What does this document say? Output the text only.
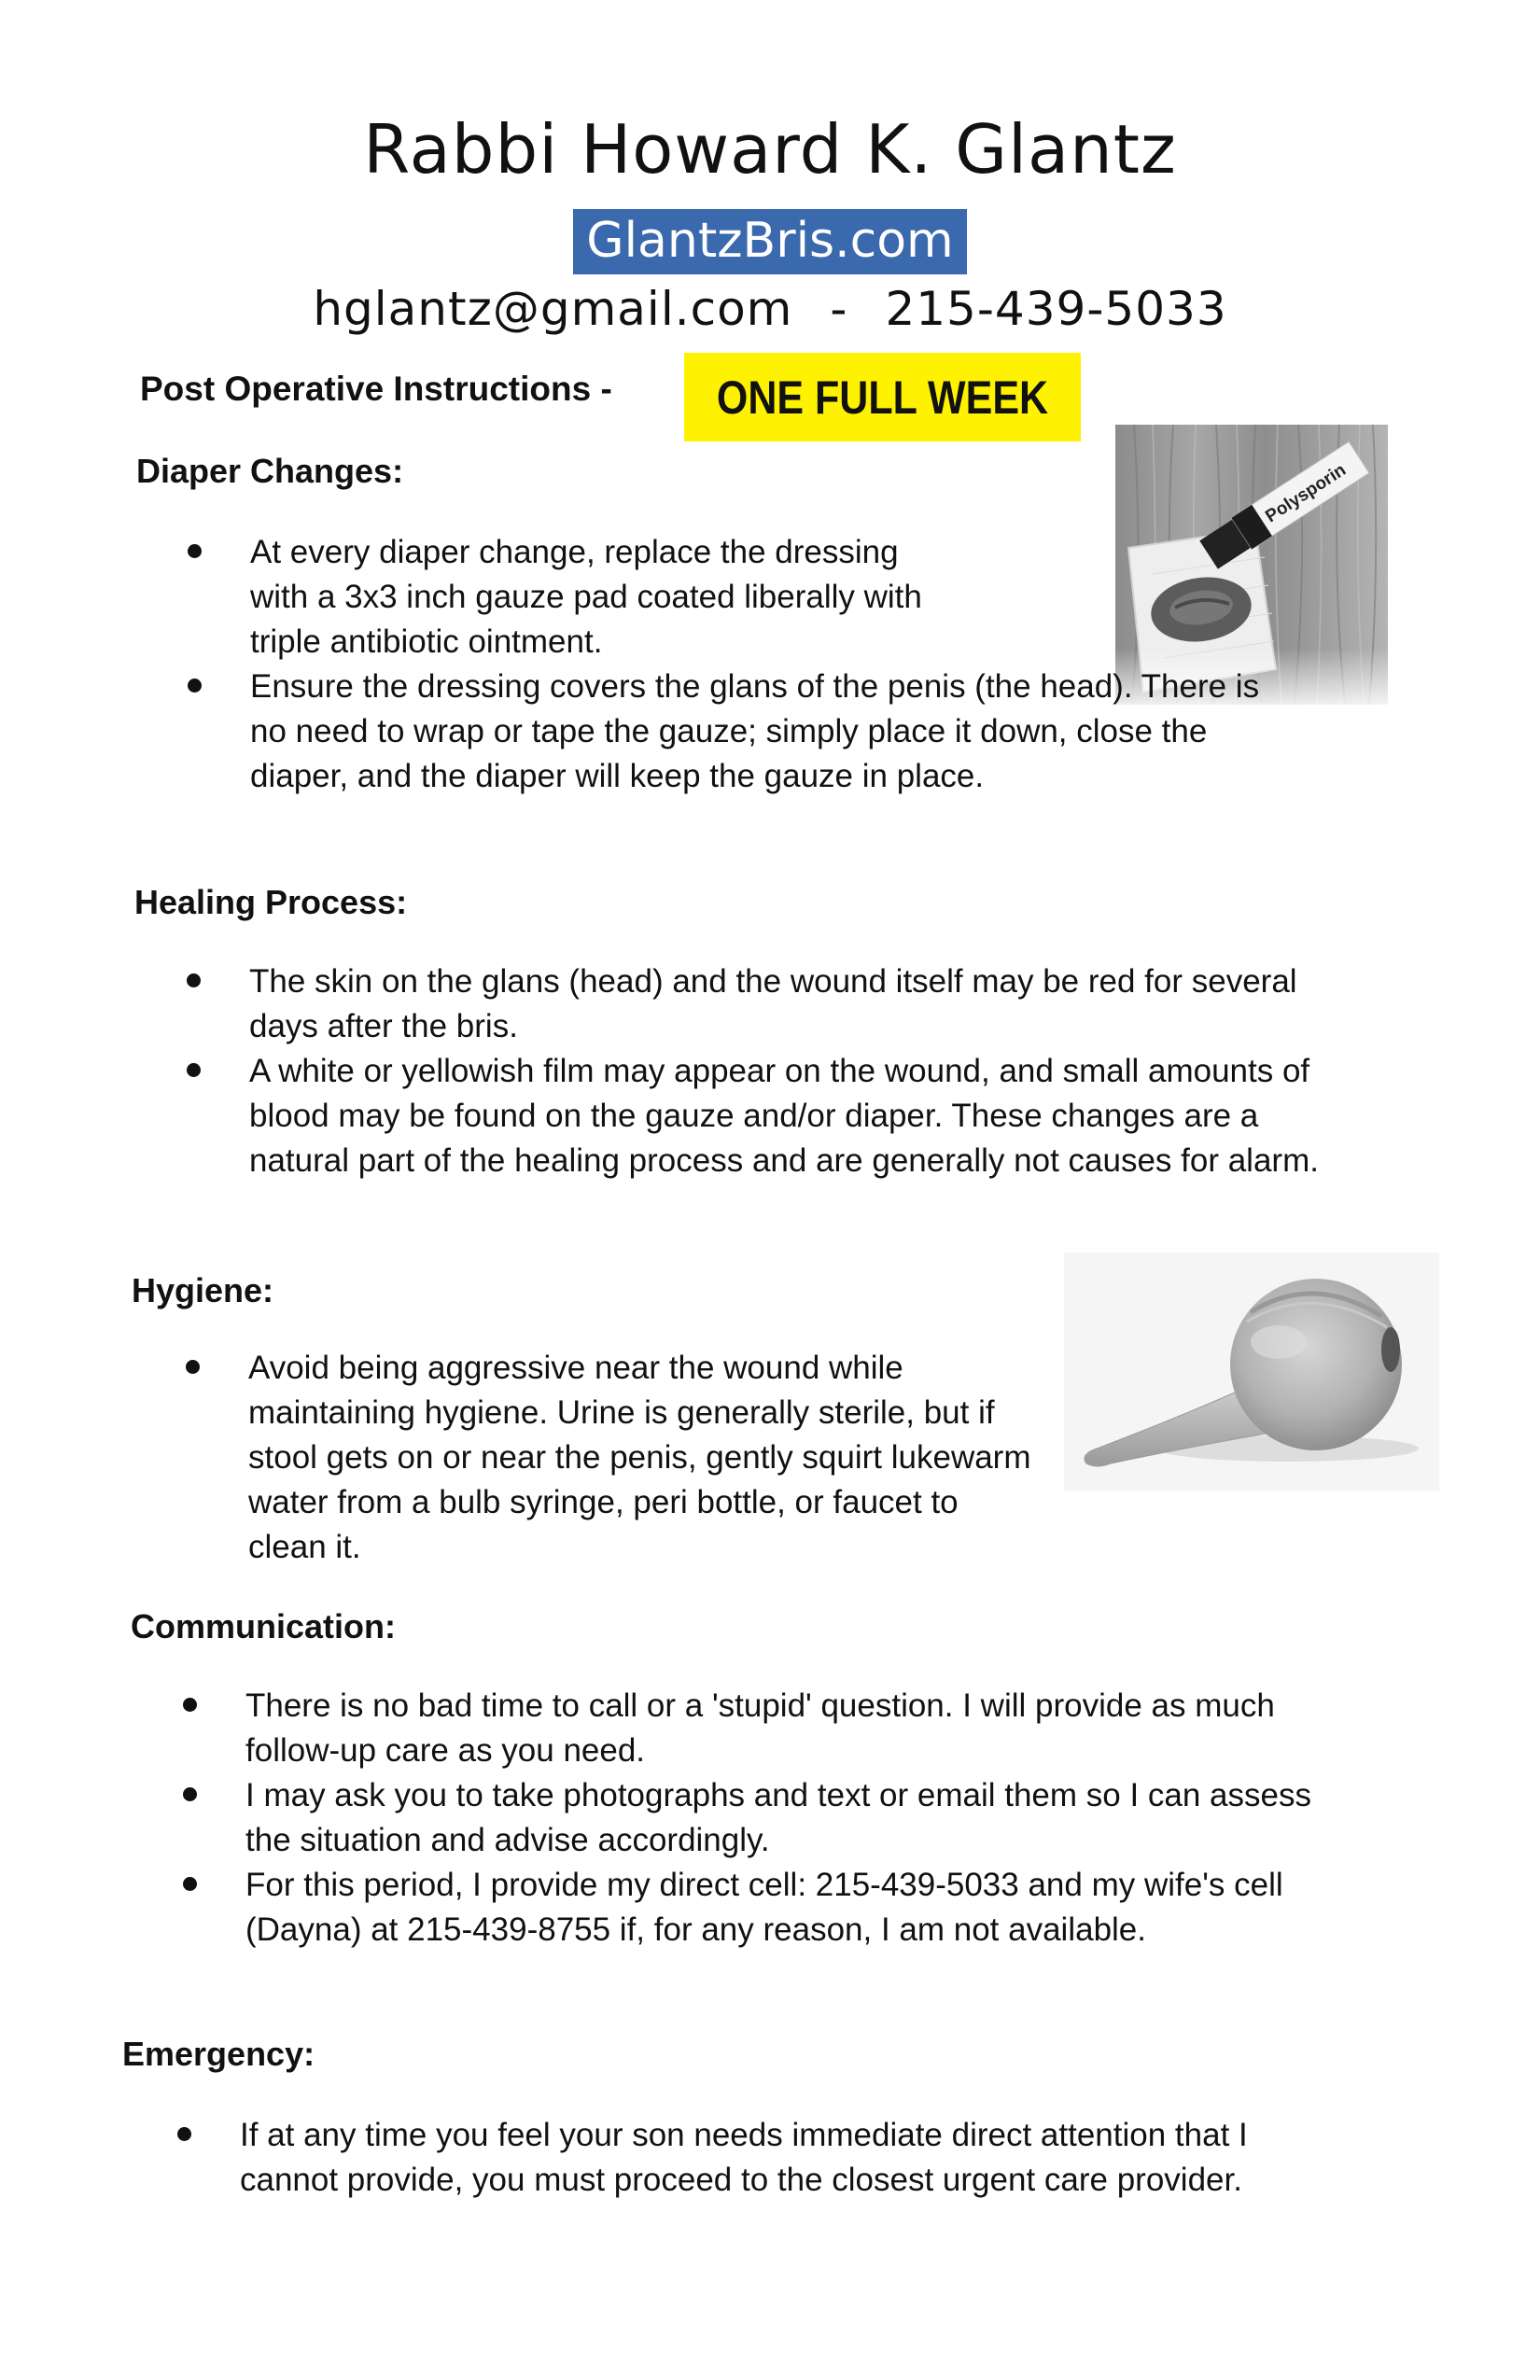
Rabbi Howard K. Glantz
GlantzBris.com
hglantz@gmail.com - 215-439-5033
Post Operative Instructions - ONE FULL WEEK
Diaper Changes:
At every diaper change, replace the dressing with a 3x3 inch gauze pad coated liberally with triple antibiotic ointment.
Ensure the dressing covers the glans of the penis (the head). There is no need to wrap or tape the gauze; simply place it down, close the diaper, and the diaper will keep the gauze in place.
Healing Process:
The skin on the glans (head) and the wound itself may be red for several days after the bris.
A white or yellowish film may appear on the wound, and small amounts of blood may be found on the gauze and/or diaper. These changes are a natural part of the healing process and are generally not causes for alarm.
Hygiene:
Avoid being aggressive near the wound while maintaining hygiene. Urine is generally sterile, but if stool gets on or near the penis, gently squirt lukewarm water from a bulb syringe, peri bottle, or faucet to clean it.
Communication:
There is no bad time to call or a 'stupid' question. I will provide as much follow-up care as you need.
I may ask you to take photographs and text or email them so I can assess the situation and advise accordingly.
For this period, I provide my direct cell: 215-439-5033 and my wife's cell (Dayna) at 215-439-8755 if, for any reason, I am not available.
Emergency:
If at any time you feel your son needs immediate direct attention that I cannot provide, you must proceed to the closest urgent care provider.
